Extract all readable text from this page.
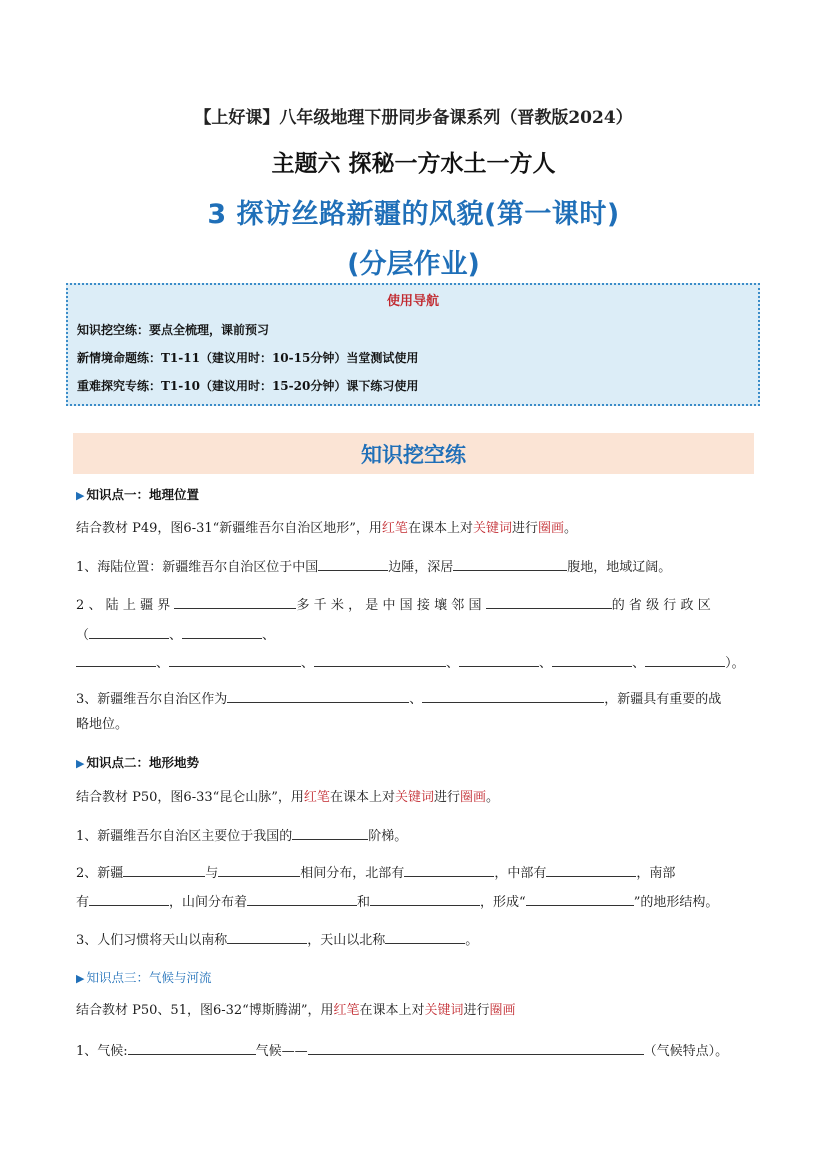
【上好课】八年级地理下册同步备课系列（晋教版2024）
主题六 探秘一方水土一方人
3 探访丝路新疆的风貌(第一课时)
(分层作业)
使用导航
知识挖空练：要点全梳理，课前预习
新情境命题练：T1-11（建议用时：10-15分钟）当堂测试使用
重难探究专练：T1-10（建议用时：15-20分钟）课下练习使用
知识挖空练
▶ 知识点一：地理位置
结合教材 P49，图6-31“新疆维吾尔自治区地形”，用红笔在课本上对关键词进行圈画。
1、海陆位置：新疆维吾尔自治区位于中国	边陲，深居	腹地，地域辽阔。
2、陆上疆界	多千米，是中国接壤邻国	的省级行政区
（	、	、
、	、	、	、	、	）。
3、新疆维吾尔自治区作为	、	，新疆具有重要的战
略地位。
▶ 知识点二：地形地势
结合教材 P50，图6-33“昆仑山脉”，用红笔在课本上对关键词进行圈画。
1、新疆维吾尔自治区主要位于我国的	阶梯。
2、新疆	与	相间分布，北部有	，中部有	，南部
有	，山间分布着	和	，形成“	”的地形结构。
3、人们习惯将天山以南称	，天山以北称	。
▶ 知识点三：气候与河流
结合教材 P50、51，图6-32“博斯腾湖”，用红笔在课本上对关键词进行圈画
1、气候:	气候——	（气候特点）。
